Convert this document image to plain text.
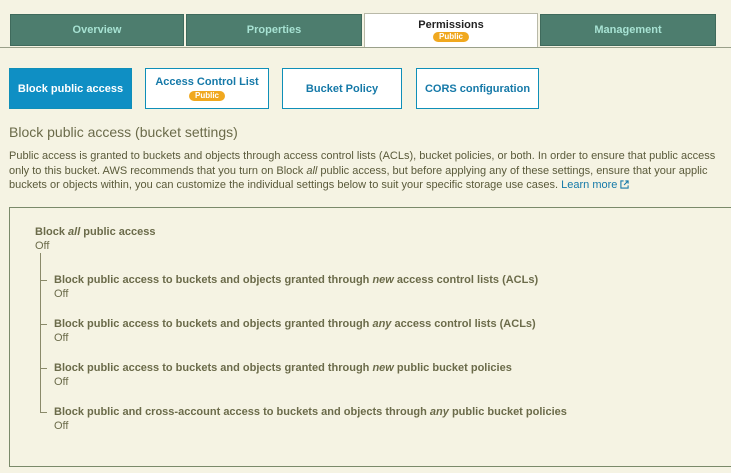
Overview	Properties	Permissions
Public
Management
Block public access
Access Control List
Public
Bucket Policy	CORS configuration
Block public access (bucket settings)
Public access is granted to buckets and objects through access control lists (ACLs), bucket policies, or both. In order to ensure that public access
only to this bucket. AWS recommends that you turn on Block all public access, but before applying any of these settings, ensure that your applic
buckets or objects within, you can customize the individual settings below to suit your specific storage use cases. Learn more
Block all public access
Off
Block public access to buckets and objects granted through new access control lists (ACLs)
Off
Block public access to buckets and objects granted through any access control lists (ACLs)
Off
Block public access to buckets and objects granted through new public bucket policies
Off
Block public and cross-account access to buckets and objects through any public bucket policies
Off
